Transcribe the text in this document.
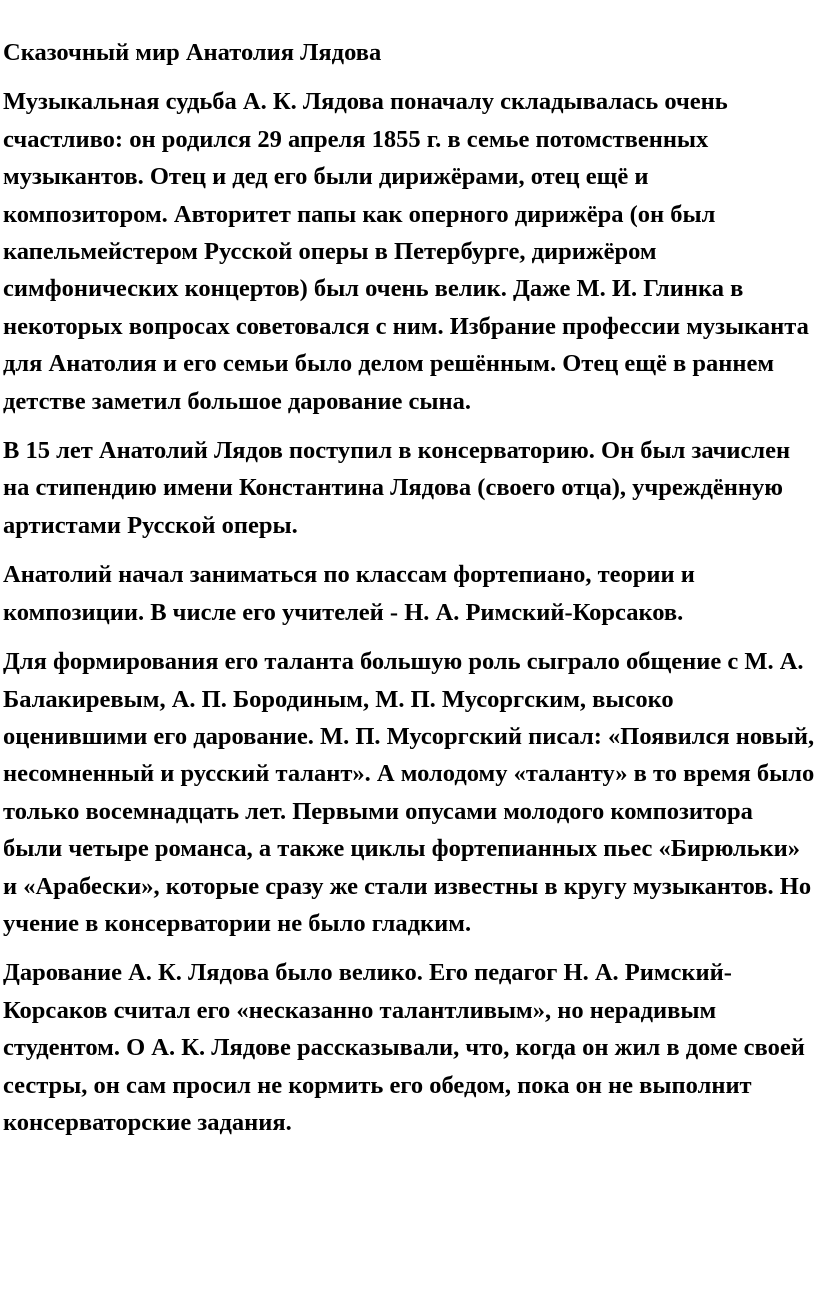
Сказочный мир Анатолия Лядова

Музыкальная судьба А. К. Лядова поначалу складывалась очень счастливо: он родился 29 апреля 1855 г. в семье потомственных музыкантов. Отец и дед его были дирижёрами, отец ещё и композитором. Авторитет папы как оперного дирижёра (он был капельмейстером Русской оперы в Петербурге, дирижёром симфонических концертов) был очень велик. Даже М. И. Глинка в некоторых вопросах советовался с ним. Избрание профессии музыканта для Анатолия и его семьи было делом решённым. Отец ещё в раннем детстве заметил большое дарование сына.

В 15 лет Анатолий Лядов поступил в консерваторию. Он был зачислен на стипендию имени Константина Лядова (своего отца), учреждённую артистами Русской оперы.

Анатолий начал заниматься по классам фортепиано, теории и композиции. В числе его учителей - Н. А. Римский-Корсаков.

Для формирования его таланта большую роль сыграло общение с М. А. Балакиревым, А. П. Бородиным, М. П. Мусоргским, высоко оценившими его дарование. М. П. Мусоргский писал: «Появился новый, несомненный и русский талант». А молодому «таланту» в то время было только восемнадцать лет. Первыми опусами молодого композитора были четыре романса, а также циклы фортепианных пьес «Бирюльки» и «Арабески», которые сразу же стали известны в кругу музыкантов. Но учение в консерватории не было гладким.

Дарование А. К. Лядова было велико. Его педагог Н. А. Римский-Корсаков считал его «несказанно талантливым», но нерадивым студентом. О А. К. Лядове рассказывали, что, когда он жил в доме своей сестры, он сам просил не кормить его обедом, пока он не выполнит консерваторские задания.
